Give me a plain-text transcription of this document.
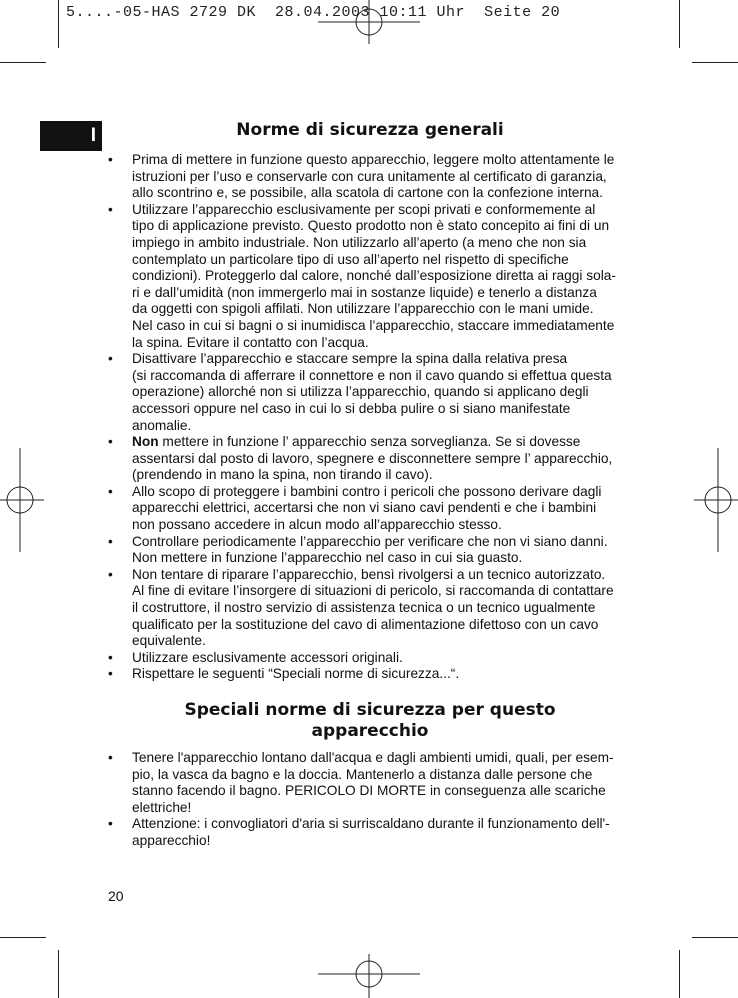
5....-05-HAS 2729 DK  28.04.2003 10:11 Uhr  Seite 20
I	Norme di sicurezza generali
• Prima di mettere in funzione questo apparecchio, leggere molto attentamente le
istruzioni per l’uso e conservarle con cura unitamente al certificato di garanzia,
allo scontrino e, se possibile, alla scatola di cartone con la confezione interna.
• Utilizzare l’apparecchio esclusivamente per scopi privati e conformemente al
tipo di applicazione previsto. Questo prodotto non è stato concepito ai fini di un
impiego in ambito industriale. Non utilizzarlo all’aperto (a meno che non sia
contemplato un particolare tipo di uso all’aperto nel rispetto di specifiche
condizioni). Proteggerlo dal calore, nonché dall’esposizione diretta ai raggi sola-
ri e dall’umidità (non immergerlo mai in sostanze liquide) e tenerlo a distanza
da oggetti con spigoli affilati. Non utilizzare l’apparecchio con le mani umide.
Nel caso in cui si bagni o si inumidisca l’apparecchio, staccare immediatamente
la spina. Evitare il contatto con l’acqua.
• Disattivare l’apparecchio e staccare sempre la spina dalla relativa presa
(si raccomanda di afferrare il connettore e non il cavo quando si effettua questa
operazione) allorché non si utilizza l’apparecchio, quando si applicano degli
accessori oppure nel caso in cui lo si debba pulire o si siano manifestate
anomalie.
• Non mettere in funzione l’ apparecchio senza sorveglianza. Se si dovesse
assentarsi dal posto di lavoro, spegnere e disconnettere sempre l’ apparecchio,
(prendendo in mano la spina, non tirando il cavo).
• Allo scopo di proteggere i bambini contro i pericoli che possono derivare dagli
apparecchi elettrici, accertarsi che non vi siano cavi pendenti e che i bambini
non possano accedere in alcun modo all’apparecchio stesso.
• Controllare periodicamente l’apparecchio per verificare che non vi siano danni.
Non mettere in funzione l’apparecchio nel caso in cui sia guasto.
• Non tentare di riparare l’apparecchio, bensì rivolgersi a un tecnico autorizzato.
Al fine di evitare l’insorgere di situazioni di pericolo, si raccomanda di contattare
il costruttore, il nostro servizio di assistenza tecnica o un tecnico ugualmente
qualificato per la sostituzione del cavo di alimentazione difettoso con un cavo
equivalente.
• Utilizzare esclusivamente accessori originali.
• Rispettare le seguenti “Speciali norme di sicurezza...“.
Speciali norme di sicurezza per questo
apparecchio
• Tenere l'apparecchio lontano dall'acqua e dagli ambienti umidi, quali, per esem-
pio, la vasca da bagno e la doccia. Mantenerlo a distanza dalle persone che
stanno facendo il bagno. PERICOLO DI MORTE in conseguenza alle scariche
elettriche!
• Attenzione: i convogliatori d'aria si surriscaldano durante il funzionamento dell'-
apparecchio!
20
